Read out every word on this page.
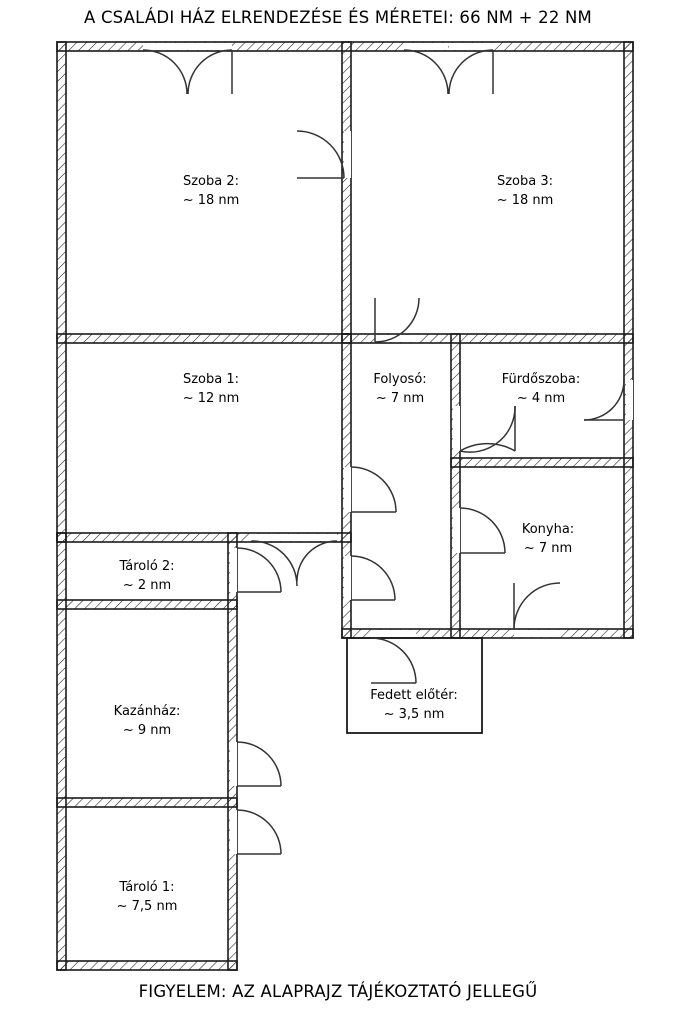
A CSALÁDI HÁZ ELRENDEZÉSE ÉS MÉRETEI: 66 NM + 22 NM
Szoba 2:
~ 18 nm
Szoba 3:
~ 18 nm
Szoba 1:
~ 12 nm
Folyosó:
~ 7 nm
Fürdőszoba:
~ 4 nm
Konyha:
~ 7 nm
Tároló 2:
~ 2 nm
Kazánház:
~ 9 nm
Tároló 1:
~ 7,5 nm
Fedett előtér:
~ 3,5 nm
FIGYELEM: AZ ALAPRAJZ TÁJÉKOZTATÓ JELLEGŰ
